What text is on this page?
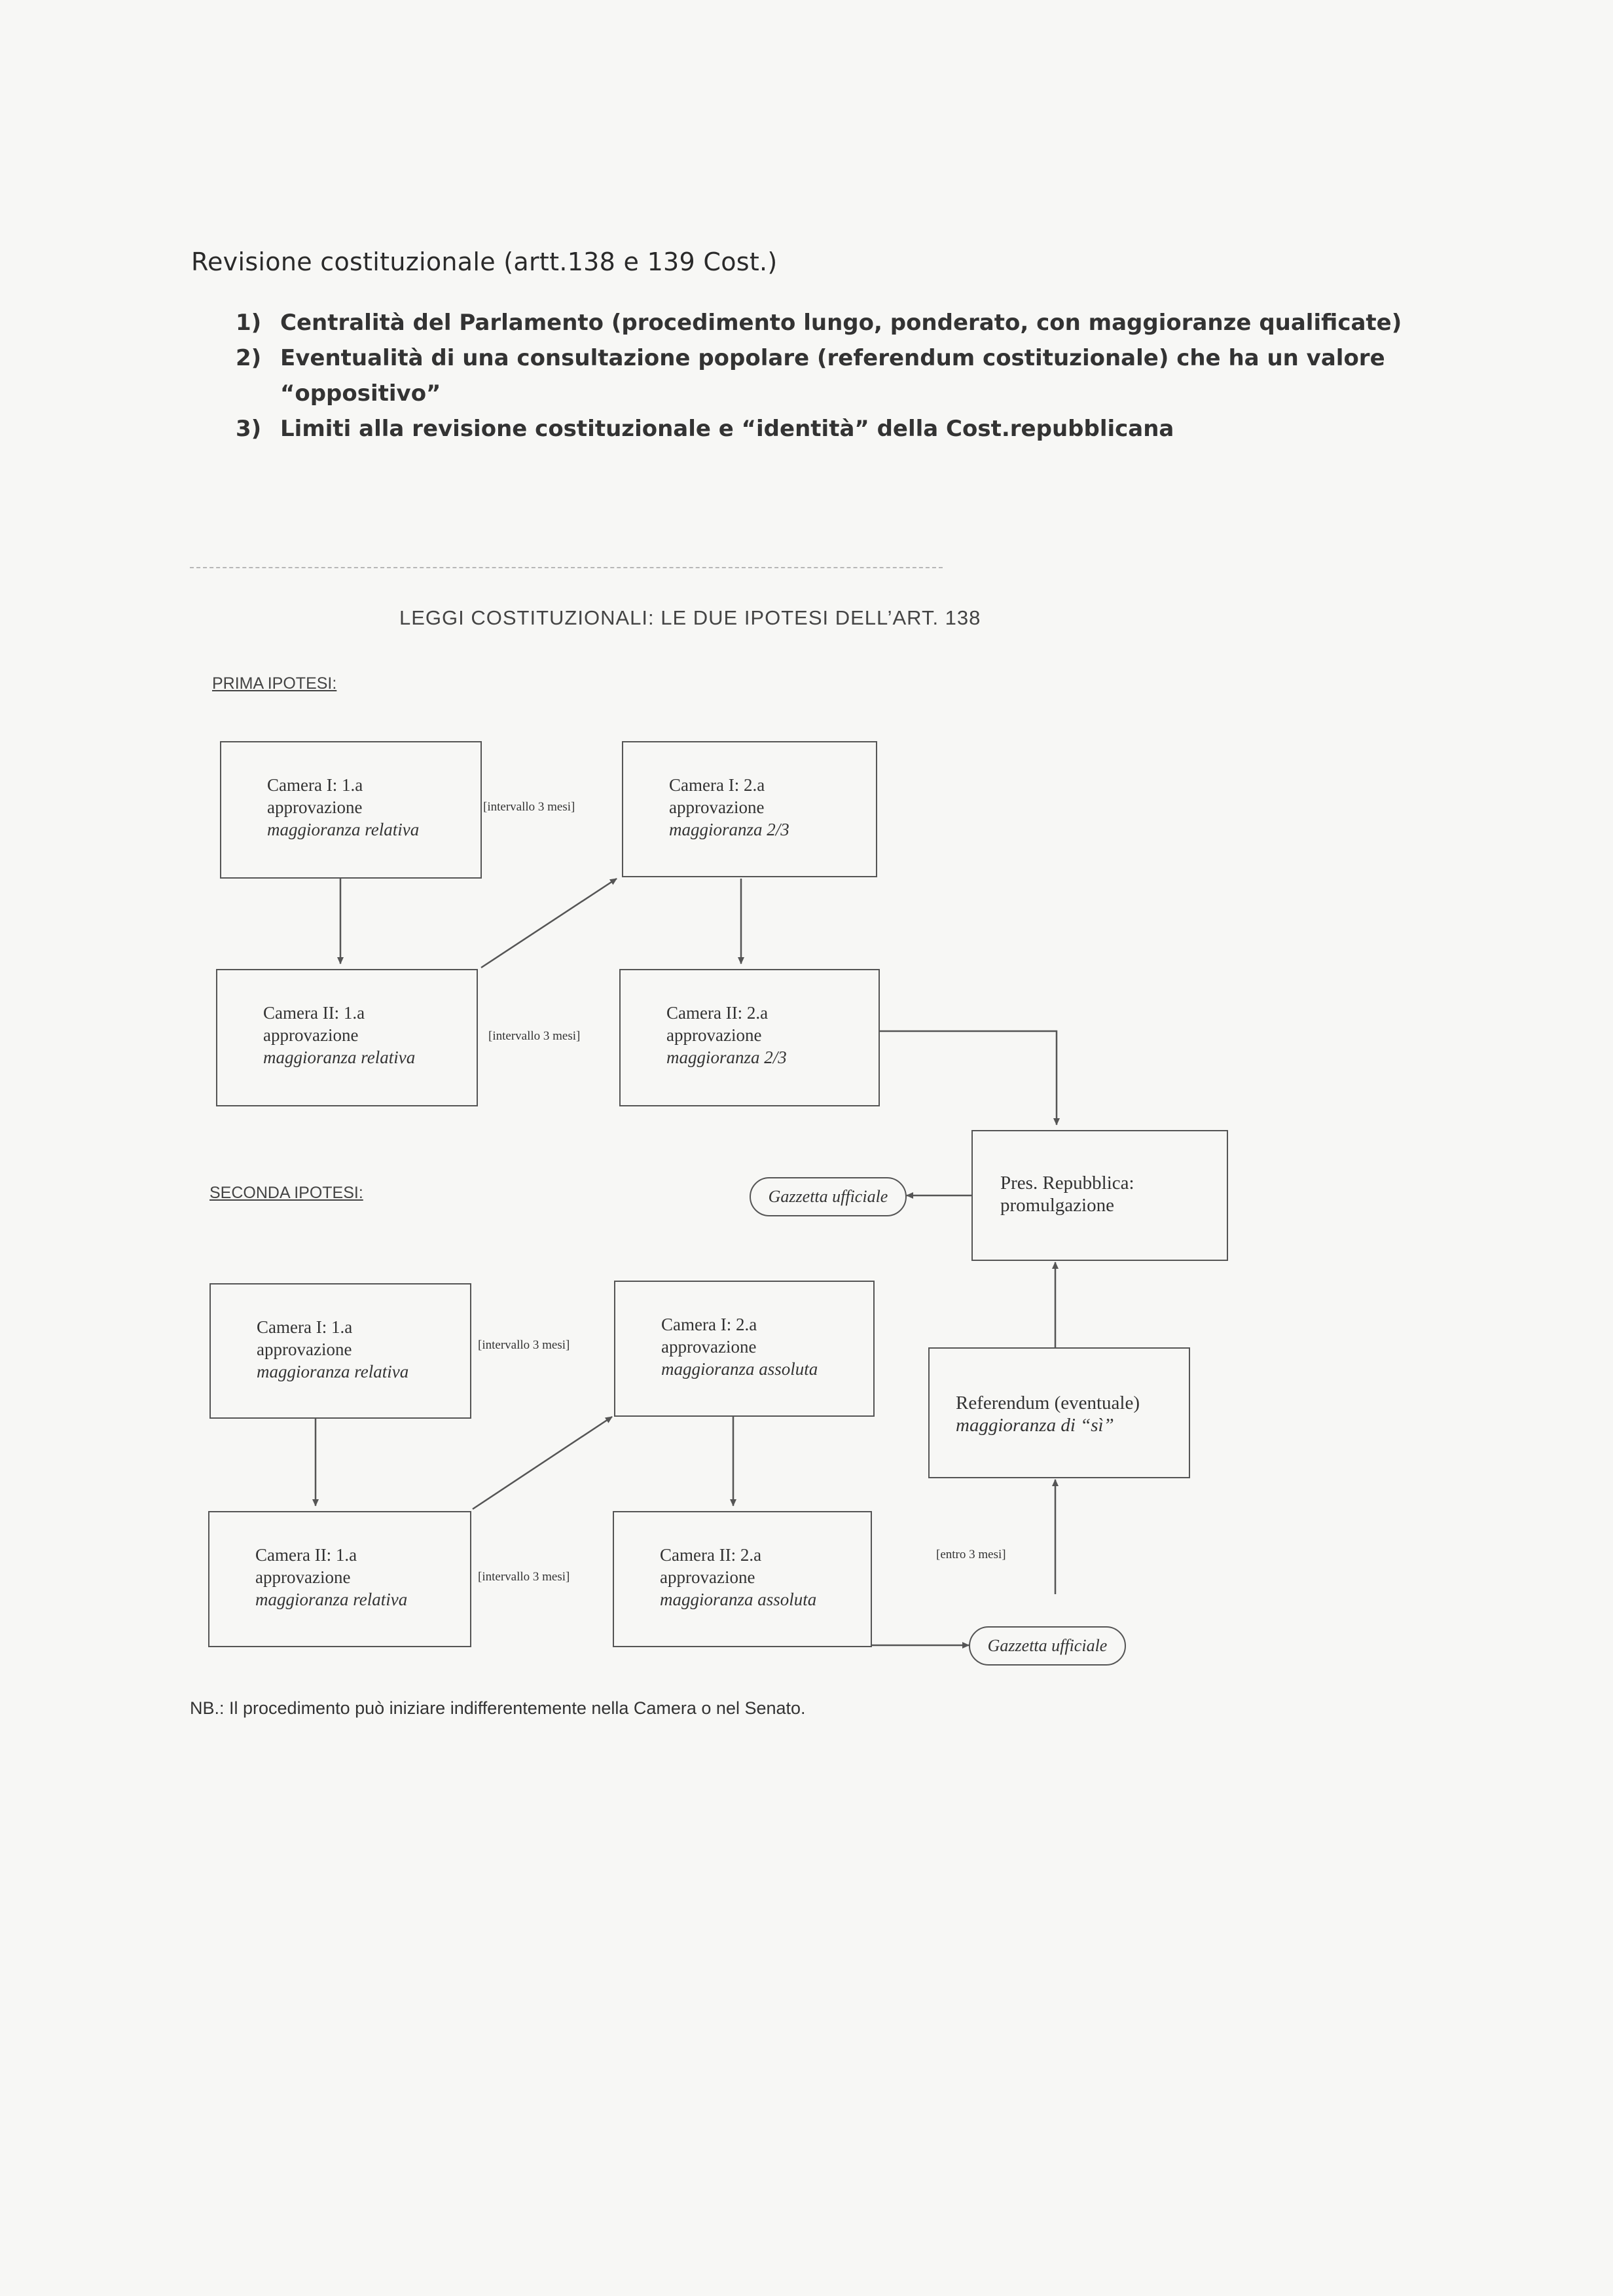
Revisione costituzionale (artt.138 e 139 Cost.)
1) Centralità del Parlamento (procedimento lungo, ponderato, con maggioranze qualificate)
2) Eventualità di una consultazione popolare (referendum costituzionale) che ha un valore “oppositivo”
3) Limiti alla revisione costituzionale e “identità” della Cost.repubblicana
LEGGI COSTITUZIONALI: LE DUE IPOTESI DELL’ART. 138
PRIMA IPOTESI:
Camera I: 1.a
approvazione
maggioranza relativa
[intervallo 3 mesi]
Camera I: 2.a
approvazione
maggioranza 2/3
Camera II: 1.a
approvazione
maggioranza relativa
[intervallo 3 mesi]
Camera II: 2.a
approvazione
maggioranza 2/3
Pres. Repubblica:
promulgazione
Gazzetta ufficiale
SECONDA IPOTESI:
Camera I: 1.a
approvazione
maggioranza relativa
[intervallo 3 mesi]
Camera I: 2.a
approvazione
maggioranza assoluta
Camera II: 1.a
approvazione
maggioranza relativa
[intervallo 3 mesi]
Camera II: 2.a
approvazione
maggioranza assoluta
Referendum (eventuale)
maggioranza di “sì”
[entro 3 mesi]
Gazzetta ufficiale
NB.: Il procedimento può iniziare indifferentemente nella Camera o nel Senato.
